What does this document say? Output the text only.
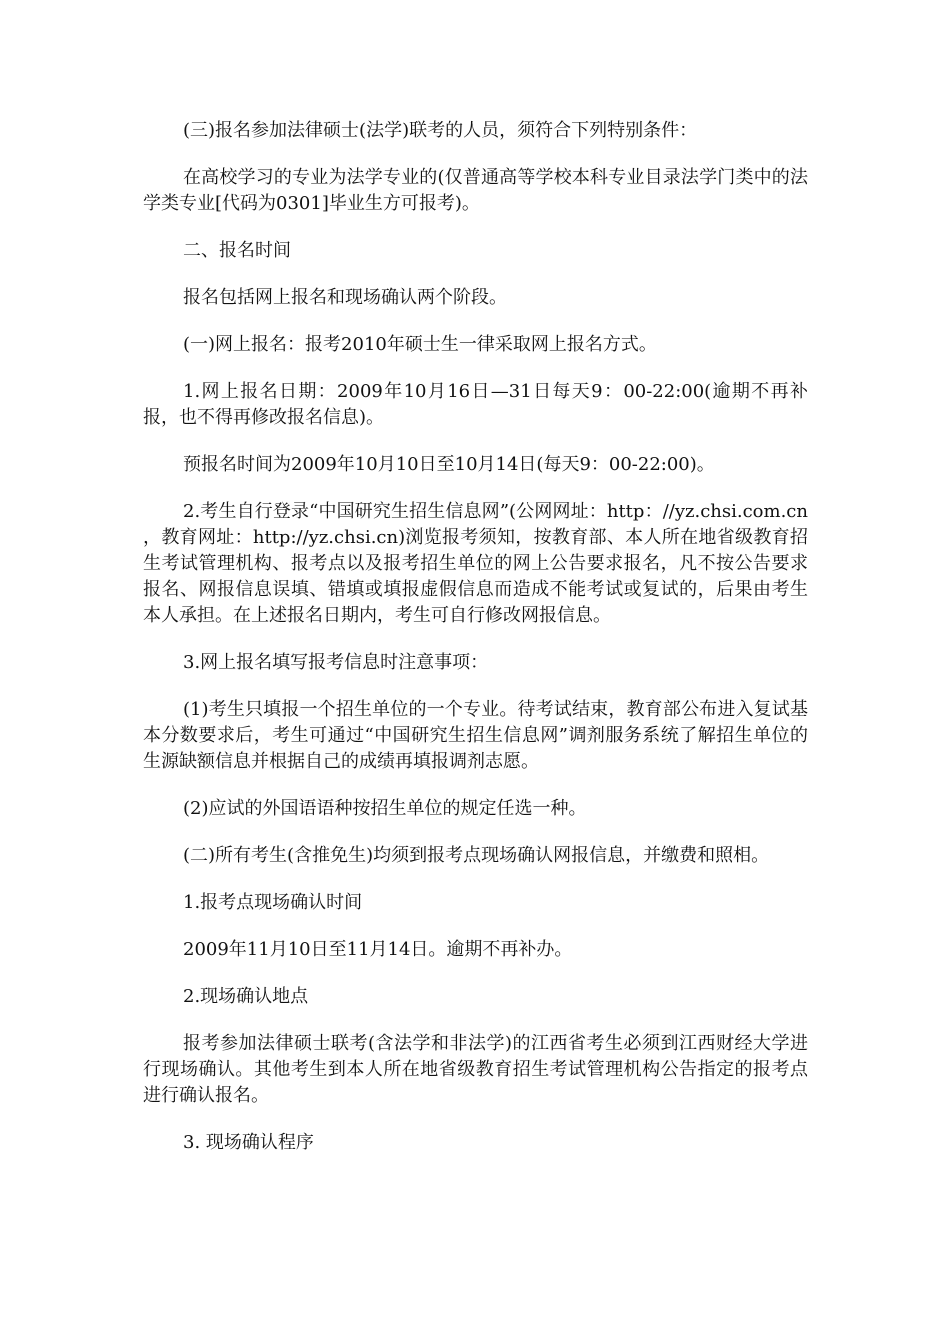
(三)报名参加法律硕士(法学)联考的人员，须符合下列特别条件：

在高校学习的专业为法学专业的(仅普通高等学校本科专业目录法学门类中的法学类专业[代码为0301]毕业生方可报考)。

二、报名时间

报名包括网上报名和现场确认两个阶段。

(一)网上报名：报考2010年硕士生一律采取网上报名方式。

1.网上报名日期：2009年10月16日—31日每天9：00-22:00(逾期不再补报，也不得再修改报名信息)。

预报名时间为2009年10月10日至10月14日(每天9：00-22:00)。

2.考生自行登录“中国研究生招生信息网”(公网网址：http：//yz.chsi.com.cn ，教育网址：http://yz.chsi.cn)浏览报考须知，按教育部、本人所在地省级教育招生考试管理机构、报考点以及报考招生单位的网上公告要求报名，凡不按公告要求报名、网报信息误填、错填或填报虚假信息而造成不能考试或复试的，后果由考生本人承担。在上述报名日期内，考生可自行修改网报信息。

3.网上报名填写报考信息时注意事项：

(1)考生只填报一个招生单位的一个专业。待考试结束，教育部公布进入复试基本分数要求后，考生可通过“中国研究生招生信息网”调剂服务系统了解招生单位的生源缺额信息并根据自己的成绩再填报调剂志愿。

(2)应试的外国语语种按招生单位的规定任选一种。

(二)所有考生(含推免生)均须到报考点现场确认网报信息，并缴费和照相。

1.报考点现场确认时间

2009年11月10日至11月14日。逾期不再补办。

2.现场确认地点

报考参加法律硕士联考(含法学和非法学)的江西省考生必须到江西财经大学进行现场确认。其他考生到本人所在地省级教育招生考试管理机构公告指定的报考点进行确认报名。

3. 现场确认程序
